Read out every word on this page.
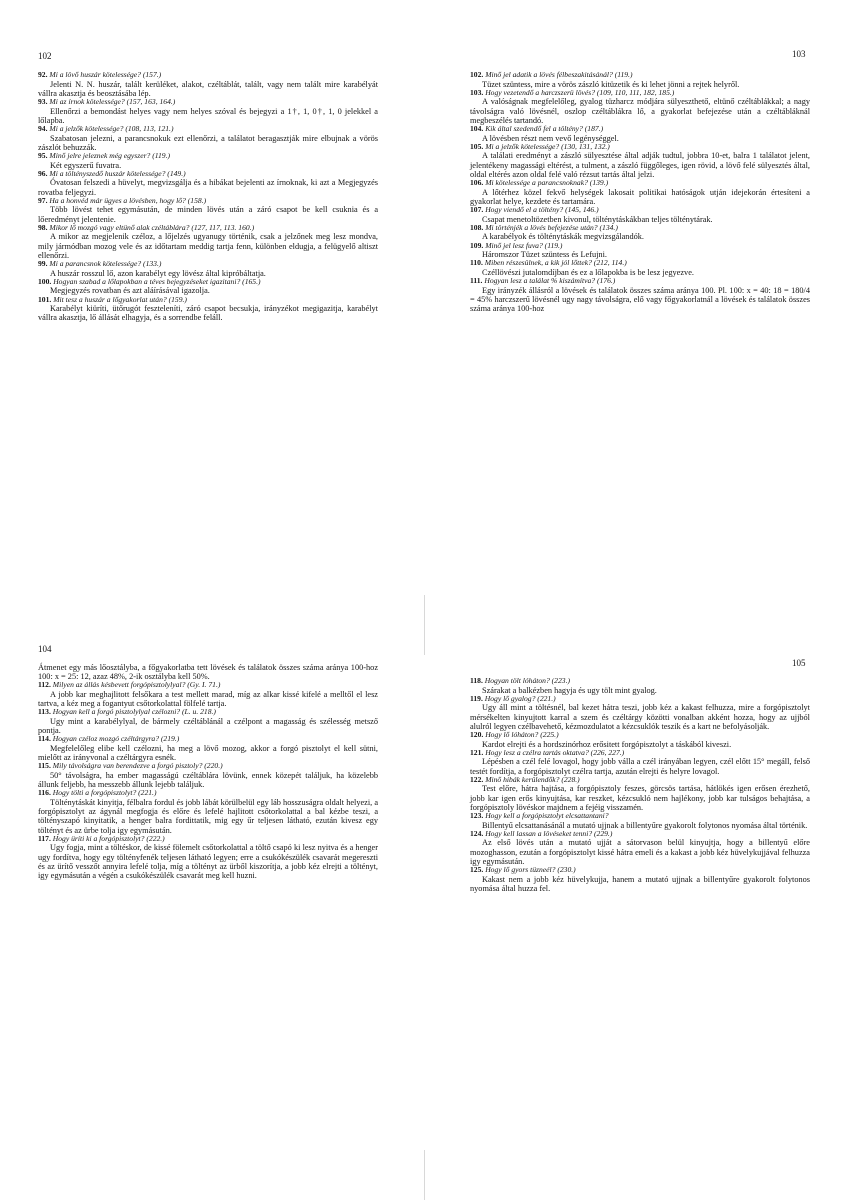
102

92. Mi a lövő huszár kötelessége? (157.)

Jelenti N. N. huszár, talált kerüléket, alakot, czéltáblát, talált, vagy nem talált mire karabélyát vállra akasztja és beosztásába lép.

93. Mi az írnok kötelessége? (157, 163, 164.)

Ellenőrzi a bemondást helyes vagy nem helyes szóval és bejegyzi a 1†, 1, 0†, 1, 0 jelekkel a lőlapba.

94. Mi a jelzők kötelessége? (108, 113, 121.)

Szabatosan jelezni, a parancsnokuk ezt ellenőrzi, a találatot beragasztják mire elbujnak a vörös zászlót behuzzák.

95. Minő jelre jeleznek még egyszer? (119.)

Két egyszerű fuvatra.

96. Mi a töltényszedő huszár kötelessége? (149.)

Óvatosan felszedi a hüvelyt, megvizsgálja és a hibákat bejelenti az írnoknak, ki azt a Megjegyzés rovatba feljegyzi.

97. Ha a honvéd már ügyes a lövésben, hogy lő? (158.)

Több lövést tehet egymásután, de minden lövés után a záró csapot be kell csuknia és a lőeredményt jelentenie.

98. Mikor lő mozgó vagy eltünő alak czéltáblára? (127, 117, 113. 160.)

A mikor az megjelenik czéloz, a lőjelzés ugyanugy történik, csak a jelzőnek meg lesz mondva, mily jármódban mozog vele és az időtartam meddig tartja fenn, különben eldugja, a felügyelő altiszt ellenőrzi.

99. Mi a parancsnok kötelessége? (133.)

A huszár rosszul lő, azon karabélyt egy lövész által kipróbáltatja.

100. Hogyan szabad a lőlapokban a téves bejegyzéseket igazitani? (165.)

Megjegyzés rovatban és azt aláírásával igazolja.

101. Mit tesz a huszár a lőgyakorlat után? (159.)

Karabélyt kiüríti, ütőrugót feszteleníti, záró csapot becsukja, irányzékot megigazitja, karabélyt vállra akasztja, lő állását elhagyja, és a sorrendbe feláll.

103

102. Minő jel adatik a lövés félbeszakitásánál? (119.)

Tüzet szüntess, mire a vörös zászló kitüzetik és ki lehet jönni a rejtek helyről.

103. Hogy vezetendő a harczszerü lövés? (109, 110, 111, 182, 185.)

A valóságnak megfelelőleg, gyalog tüzharcz módjára sülyeszthető, eltünő czéltáblákkal; a nagy távolságra való lövésnél, oszlop czéltáblákra lő, a gyakorlat befejezése után a czéltábláknál megbeszélés tartandó.

104. Kik által szedendő fel a töltény? (187.)

A lövésben részt nem vevő legénységgel.

105. Mi a jelzők kötelessége? (130, 131, 132.)

A találati eredményt a zászló sülyesztése által adják tudtul, jobbra 10-et, balra 1 találatot jelent, jelentékeny magassági eltérést, a tulment, a zászló függőleges, igen rövid, a lövő felé sülyesztés által, oldal eltérés azon oldal felé való rézsut tartás által jelzi.

106. Mi kötelessége a parancsnoknak? (139.)

A lőtérhez közel fekvő helységek lakosait politikai hatóságok utján idejekorán értesíteni a gyakorlat helye, kezdete és tartamára.

107. Hogy viendő el a töltény? (145, 146.)

Csapat menetoltözetben kivonul, tölténytáskákban teljes tölténytárak.

108. Mi történjék a lövés befejezése után? (134.)

A karabélyok és tölténytáskák megvizsgálandók.

109. Minő jel lesz fuva? (119.)

Háromszor Tüzet szüntess és Lefujni.

110. Miben részesülnek, a kik jól lőttek? (212, 114.)

Czéllövészi jutalomdíjban és ez a lőlapokba is be lesz jegyezve.

111. Hogyan lesz a találat % kiszámítva? (176.)

Egy irányzék állásról a lövések és találatok összes száma aránya 100. Pl. 100: x = 40: 18 = 180/4 = 45% harczszerű lövésnél ugy nagy távolságra, elő vagy főgyakorlatnál a lövések és találatok összes száma aránya 100-hoz

104

Átmenet egy más lőosztályba, a főgyakorlatba tett lövések és találatok összes száma aránya 100-hoz 100: x = 25: 12, azaz 48%, 2-ik osztályba kell 50%.

112. Milyen az állás késbevett forgópisztolylyal? (Gy. I. 71.)

A jobb kar meghajlitott felsőkara a test mellett marad, míg az alkar kissé kifelé a melltől el lesz tartva, a kéz meg a fogantyut csőtorkolattal fölfelé tartja.

113. Hogyan kell a forgó pisztolylyal czélozni? (L. u. 218.)

Ugy mint a karabélylyal, de bármely czéltáblánál a czélpont a magasság és szélesség metsző pontja.

114. Hogyan czéloz mozgó czéltárgyra? (219.)

Megfelelőleg elibe kell czélozni, ha meg a lövő mozog, akkor a forgó pisztolyt el kell sütni, mielőtt az irányvonal a czéltárgyra esnék.

115. Mily távolságra van berendezve a forgó pisztoly? (220.)

50° távolságra, ha ember magasságú czéltáblára lövünk, ennek közepét találjuk, ha közelebb állunk feljebb, ha messzebb állunk lejebb találjuk.

116. Hogy tölti a forgópisztolyt? (221.)

Tölténytáskát kinyitja, félbalra fordul és jobb lábát körülbelül egy láb hosszuságra oldalt helyezi, a forgópisztolyt az ágynál megfogja és előre és lefelé hajlitott csőtorkolattal a bal kézbe teszi, a töltényszapó kinyitatik, a henger balra fordittatik, mig egy űr teljesen látható, ezután kivesz egy töltényt és az ürbe tolja igy egymásután.

117. Hogy üríti ki a forgópisztolyt? (222.)

Ugy fogja, mint a töltéskor, de kissé fölemelt csőtorkolattal a töltő csapó ki lesz nyitva és a henger ugy fordítva, hogy egy töltényfenék teljesen látható legyen; erre a csukókészülék csavarát megereszti és az ürítő vesszőt annyira lefelé tolja, míg a töltényt az ürből kiszorítja, a jobb kéz elrejti a töltényt, igy egymásután a végén a csukókészülék csavarát meg kell huzni.

105

118. Hogyan tölt lóháton? (223.)

Szárakat a balkézben hagyja és ugy tölt mint gyalog.

119. Hogy lő gyalog? (221.)

Ugy áll mint a töltésnél, bal kezet hátra teszi, jobb kéz a kakast felhuzza, mire a forgópisztolyt mérsékelten kinyujtott karral a szem és czéltárgy közötti vonalban akként hozza, hogy az ujjból alulról legyen czélbavehető, kézmozdulatot a kézcsuklók teszik és a kart ne befolyásolják.

120. Hogy lő lóháton? (225.)

Kardot elrejti és a hordszinórhoz erősitett forgópisztolyt a táskából kiveszi.

121. Hogy lesz a czélra tartás oktatva? (226, 227.)

Lépésben a czél felé lovagol, hogy jobb válla a czél irányában legyen, czél előtt 15° megáll, felső testét fordítja, a forgópisztolyt czélra tartja, azután elrejti és helyre lovagol.

122. Minő hibák kerülendők? (228.)

Test előre, hátra hajtása, a forgópisztoly feszes, görcsös tartása, hátlökés igen erősen érezhető, jobb kar igen erős kinyujtása, kar reszket, kézcsukló nem hajlékony, jobb kar tulságos behajtása, a forgópisztoly lövéskor majdnem a fejéig visszamén.

123. Hogy kell a forgópisztolyt elcsattantani?

Billentyű elcsattanásánál a mutató ujjnak a billentyűre gyakorolt folytonos nyomása által történik.

124. Hogy kell lassan a lövéseket tenni? (229.)

Az első lövés után a mutató ujját a sátorvason belül kinyujtja, hogy a billentyű előre mozoghasson, ezután a forgópisztolyt kissé hátra emeli és a kakast a jobb kéz hüvelykujjával felhuzza igy egymásután.

125. Hogy lő gyors tüzneél? (230.)

Kakast nem a jobb kéz hüvelykujja, hanem a mutató ujjnak a billentyűre gyakorolt folytonos nyomása által huzza fel.
